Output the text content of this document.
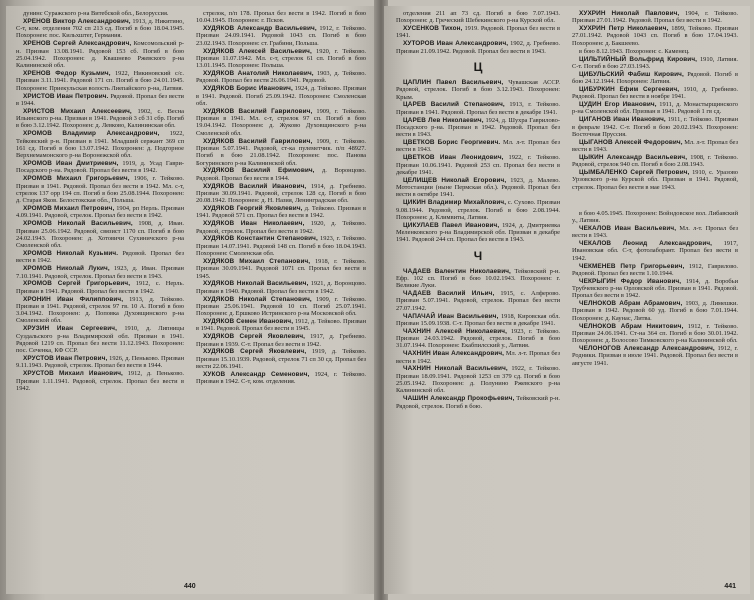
дунинс Суражского р-на Витебской обл., Белоруссия.
ХРЕНОВ Виктор Александрович, 1913, д. Никитино, С-т, ком. отделения 702 сп 213 сд. Погиб в бою 18.04.1945. Похоронен: пос. Кильхштег, Германия.
ХРЕНОВ Сергей Александрович, Комсомольский р-н. Призван 13.08.1941. Рядовой 153 сб. Погиб в бою 25.04.1942. Похоронен: д. Квашнево Ржевского р-на Калининской обл.
ХРЕНОВ Федор Кузьмич, 1922, Никиновский с/с. Призван 3.11.1941. Рядовой 171 сп. Погиб в бою 24.01.1945. Похоронен: Приекульская волость Лиепайского р-на, Латвия.
ХРИСТОВ Иван Петрович. Рядовой. Пропал без вести в 1944.
ХРИСТОВ Михаил Алексеевич, 1902, с. Весна Ильинского р-на. Призван в 1941. Рядовой 3 сб 31 сбр. Погиб в бою 3.12.1942. Похоронен: д. Левково, Калининская обл.
ХРОМОВ Владимир Александрович, 1922, Тейковский р-н. Призван в 1941. Младший сержант 369 сп 161 сд. Погиб в бою 13.07.1942. Похоронен: д. Подгорное Верхнемамонского р-на Воронежской обл.
ХРОМОВ Иван Дмитриевич, 1919, д. Усад Гаври-Посадского р-на. Рядовой. Пропал без вести в 1942.
ХРОМОВ Михаил Григорьевич, 1906, г. Тейково. Призван в 1941. Рядовой. Пропал без вести в 1942. Мл. с-т, стрелок 137 орр 194 сп. Погиб в бою 25.08.1944. Похоронен: д. Старая Яков. Белостокская обл., Польша.
ХРОМОВ Михаил Петрович, 1904, рп Нерль. Призван 4.09.1941. Рядовой, стрелок. Пропал без вести в 1942.
ХРОМОВ Николай Васильевич, 1908, д. Иван. Призван 25.06.1942. Рядовой, связист 1170 сп. Погиб в бою 24.02.1943. Похоронен: д. Хотовичи Сухиничского р-на Смоленской обл.
ХРОМОВ Николай Кузьмич. Рядовой. Пропал без вести в 1942.
ХРОМОВ Николай Лукич, 1923, д. Иван. Призван 7.10.1941. Рядовой, стрелок. Пропал без вести в 1943.
ХРОМОВ Сергей Григорьевич, 1912, с. Нерль. Призван в 1941. Рядовой. Пропал без вести в 1942.
ХРОНИН Иван Филиппович, 1913, д. Тейково. Призван в 1941. Рядовой, стрелок 97 гв. 10 А. Погиб в бою 3.04.1942. Похоронен: д. Поповка Духовщинского р-на Смоленской обл.
ХРУЗИН Иван Сергеевич, 1910, д. Липницы Суздальского р-на Владимирской обл. Призван в 1941. Рядовой 1219 сп. Пропал без вести 11.12.1943. Похоронен: пос. Сеченка, КФ ССР.
ХРУСТОВ Иван Петрович, 1926, д. Пеньково. Призван 9.11.1943. Рядовой, стрелок. Пропал без вести в 1944.
ХРУСТОВ Михаил Иванович, 1912, д. Пеньково. Призван 1.11.1941. Рядовой, стрелок. Пропал без вести в 1942.
стрелок, п/п 178. Пропал без вести в 1942. Погиб в бою 10.04.1945. Похоронен: г. Псков.
ХУДЯКОВ Александр Васильевич, 1912, г. Тейково. Призван 24.09.1941. Рядовой 1043 сп. Погиб в бою 23.02.1943. Похоронен: ст. Грабини, Польша.
ХУДЯКОВ Алексей Васильевич, 1920, г. Тейково. Призван 11.07.1942. Мл. с-т, стрелок 61 сп. Погиб в бою 13.01.1945. Похоронен: Польша.
ХУДЯКОВ Анатолий Николаевич, 1903, д. Тейково. Рядовой. Пропал без вести 26.06.1941. Рядовой.
ХУДЯКОВ Борис Иванович, 1924, д. Тейково. Призван в 1941. Рядовой. Погиб 25.09.1942. Похоронен: Смоленская обл.
ХУДЯКОВ Василий Гаврилович, 1909, г. Тейково. Призван в 1941. Мл. с-т, стрелок 97 сп. Погиб в бою 19.04.1942. Похоронен: д. Жуково Духовщинского р-на Смоленской обл.
ХУДЯКОВ Василий Гаврилович, 1909, г. Тейково. Призван 5.07.1941. Рядовой, ст-ка пулеметчик. п/п 48927. Погиб в бою 21.08.1942. Похоронен: пос. Панова Богуринского р-на Калининской обл.
ХУДЯКОВ Василий Ефимович, д. Воронцово. Рядовой. Пропал без вести в 1944.
ХУДЯКОВ Василий Иванович, 1914, д. Гребнево. Призван 30.09.1941. Рядовой, стрелок 128 сд. Погиб в бою 20.08.1942. Похоронен: д. Н. Назия, Ленинградская обл.
ХУДЯКОВ Георгий Яковлевич, д. Тейково. Призван в 1941. Рядовой 571 сп. Пропал без вести в 1942.
ХУДЯКОВ Иван Николаевич, 1920, д. Тейково. Рядовой, стрелок. Пропал без вести в 1942.
ХУДЯКОВ Константин Степанович, 1923, г. Тейково. Призван 14.07.1941. Рядовой 148 сп. Погиб в бою 18.04.1943. Похоронен: Смоленская обл.
ХУДЯКОВ Михаил Степанович, 1918, г. Тейково. Призван 30.09.1941. Рядовой 1071 сп. Пропал без вести в 1945.
ХУДЯКОВ Николай Васильевич, 1921, д. Воронцово. Призван в 1940. Рядовой. Пропал без вести в 1942.
ХУДЯКОВ Николай Степанович, 1909, г. Тейково. Призван 25.06.1941. Рядовой 10 сп. Погиб 25.07.1941. Похоронен: д. Ершково Истринского р-на Московской обл.
ХУДЯКОВ Семен Иванович, 1912, д. Тейково. Призван в 1941. Рядовой. Пропал без вести в 1945.
ХУДЯКОВ Сергей Яковлевич, 1917, д. Гребнево. Призван в 1939. С-т. Пропал без вести в 1942.
ХУДЯКОВ Сергей Яковлевич, 1919, д. Тейково. Призван 15.10.1939. Рядовой, стрелок 71 сп 30 сд. Пропал без вести 22.06.1941.
ХУКОВ Александр Семенович, 1924, г. Тейково. Призван в 1942. С-т, ком. отделения.
440
отделения 211 ап 73 сд. Погиб в бою 7.07.1943. Похоронен: д. Греческий Шебекинского р-на Курской обл.
ХУСЕНКОВ Тихон, 1919. Рядовой. Пропал без вести в 1941.
ХУТОРОВ Иван Александрович, 1902, д. Гребнево. Призван 21.09.1942. Рядовой. Пропал без вести в 1943.
Ц
ЦАПЛИН Павел Васильевич, Чувашская АССР. Рядовой, стрелок. Погиб в бою 3.12.1943. Похоронен: Крым.
ЦАРЕВ Василий Степанович, 1913, г. Тейково. Призван в 1941. Рядовой. Пропал без вести в декабре 1941.
ЦАРЕВ Лев Николаевич, 1924, д. Шухра Гаврилово-Посадского р-на. Призван в 1942. Рядовой. Пропал без вести в 1943.
ЦВЕТКОВ Борис Георгиевич. Мл. л-т. Пропал без вести в 1943.
ЦВЕТКОВ Иван Леонидович, 1922, г. Тейково. Призван 10.06.1941. Рядовой 253 сп. Пропал без вести в декабре 1941.
ЦЕЛИЩЕВ Николай Егорович, 1923, д. Малево. Мотостанции (ныне Пермская обл.). Рядовой. Пропал без вести в октябре 1941.
ЦИКИН Владимир Михайлович, с. Сухово. Призван 9.08.1944. Рядовой, стрелок. Погиб в бою 2.08.1944. Похоронен: д. Климвиты, Латвия.
ЦИКУЛАЕВ Павел Иванович, 1924, д. Дмитриевка Меленковского р-на Владимирской обл. Призван в декабре 1941. Рядовой 244 сп. Пропал без вести в 1943.
Ч
ЧАДАЕВ Валентин Николаевич, Тейковский р-н. Ефр. 102 сп. Погиб в бою 10.02.1943. Похоронен: г. Великие Луки.
ЧАДАЕВ Василий Ильич, 1915, с. Алферово. Призван 5.07.1941. Рядовой, стрелок. Пропал без вести 27.07.1942.
ЧАПАЧАЙ Иван Васильевич, 1918, Кировская обл. Призван 15.09.1938. С-т. Пропал без вести в декабре 1941.
ЧАХНИН Алексей Николаевич, 1923, г. Тейково. Призван 24.03.1942. Рядовой, стрелок. Погиб в бою 31.07.1944. Похоронен: Екабпилсский у., Латвия.
ЧАХНИН Иван Александрович, Мл. л-т. Пропал без вести в 1942.
ЧАХНИН Николай Васильевич, 1922, г. Тейково. Призван 18.09.1941. Рядовой 1253 сп 379 сд. Погиб в бою 25.05.1942. Похоронен: д. Полунино Ржевского р-на Калининской обл.
ЧАШИН Александр Прокофьевич, Тейковский р-н. Рядовой, стрелок. Погиб в бою.
ХУХРИН Николай Павлович, 1904, г. Тейково. Призван 27.01.1942. Рядовой. Пропал без вести в 1942.
ХУХРИН Петр Николаевич, 1899, Тейково. Призван 27.01.1942. Рядовой 1043 сп. Погиб в бою 17.04.1943. Похоронен: д. Бакшеево.
в бою 8.12.1943. Похоронен: с. Каменец.
ЦИЛЬТИЙНЫЙ Вольфрид Кирович, 1910, Латвия. С-т. Погиб в бою 27.03.1943.
ЦИБУЛЬСКИЙ Фабиш Кирович, Рядовой. Погиб в бою 24.12.1944. Похоронен: Латвия.
ЦИБУРКИН Ефим Сергеевич, 1910, д. Гребнево. Рядовой. Пропал без вести в ноябре 1941.
ЦУДИН Егор Иванович, 1911, д. Монастырщинского р-на Смоленской обл. Призван в 1941. Рядовой 1 гв сд.
ЦИГАНОВ Иван Иванович, 1911, г. Тейково. Призван в феврале 1942. С-т. Погиб в бою 20.02.1943. Похоронен: Восточная Пруссия.
ЦЫГАНОВ Алексей Федорович, Мл. л-т. Пропал без вести в 1943.
ЦЫКИН Александр Васильевич, 1908, г. Тейково. Рядовой, стрелок 940 сп. Погиб в бою 2.08.1943.
ЦЫМБАЛЕНКО Сергей Петрович, 1910, с. Уразово Урзовского р-на Курской обл. Призван в 1941. Рядовой, стрелок. Пропал без вести в мае 1943.
в бою 4.05.1945. Похоронен: Войндовское вол. Либавский у., Латвия.
ЧЕКАЛОВ Иван Васильевич, Мл. л-т. Пропал без вести в 1943.
ЧЕКАЛОВ Леонид Александрович, 1917, Ивановская обл. С-т, фотолаборант. Пропал без вести в 1942.
ЧЕКМЕНЕВ Петр Григорьевич, 1912, Гаврилово. Рядовой. Пропал без вести 1.10.1944.
ЧЕКРЫГИН Федор Иванович, 1914, д. Воробьи Трубчевского р-на Орловской обл. Призван в 1941. Рядовой. Пропал без вести в 1942.
ЧЕЛНОКОВ Абрам Абрамович, 1903, д. Лимешки. Призван в 1942. Рядовой 60 уд. Погиб в бою 7.01.1944. Похоронен: д. Каунас, Литва.
ЧЕЛНОКОВ Абрам Никитович, 1912, г. Тейково. Призван 24.06.1941. Ст-на 364 сп. Погиб в бою 30.01.1942. Похоронен: д. Волосово Тимковского р-на Калининской обл.
ЧЕЛОНОГОВ Александр Александрович, 1912, г. Родники. Призван в июле 1941. Рядовой. Пропал без вести в августе 1941.
441
